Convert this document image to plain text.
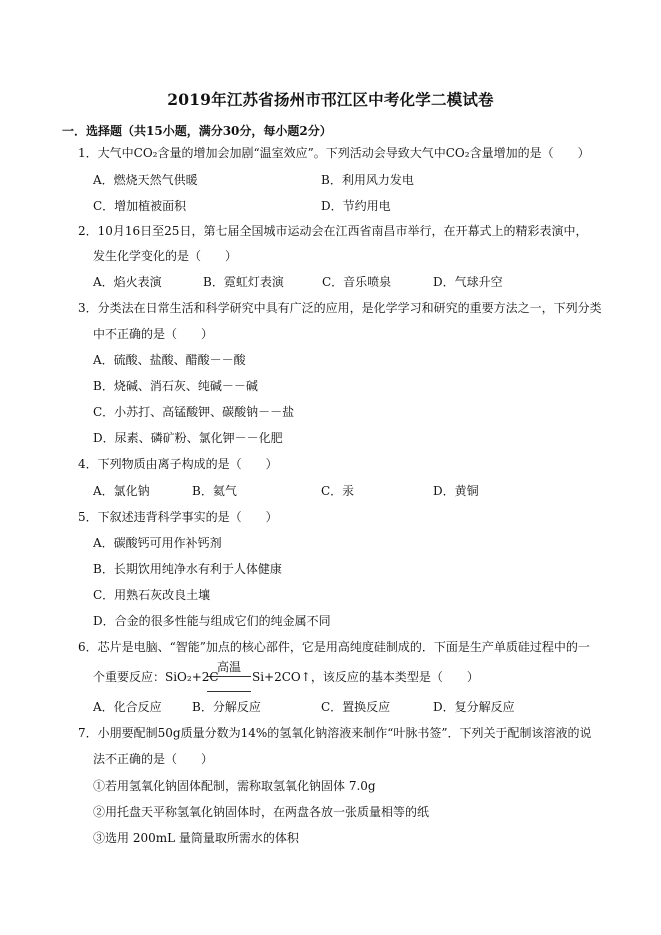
2019年江苏省扬州市邗江区中考化学二模试卷
一．选择题（共15小题，满分30分，每小题2分）
1．大气中CO₂含量的增加会加剧“温室效应”。下列活动会导致大气中CO₂含量增加的是（　　）
A．燃烧天然气供暖	B．利用风力发电
C．增加植被面积	D．节约用电
2．10月16日至25日，第七届全国城市运动会在江西省南昌市举行，在开幕式上的精彩表演中，
发生化学变化的是（　　）
A．焰火表演	B．霓虹灯表演	C．音乐喷泉	D．气球升空
3．分类法在日常生活和科学研究中具有广泛的应用，是化学学习和研究的重要方法之一，下列分类
中不正确的是（　　）
A．硫酸、盐酸、醋酸－－酸
B．烧碱、消石灰、纯碱－－碱
C．小苏打、高锰酸钾、碳酸钠－－盐
D．尿素、磷矿粉、氯化钾－－化肥
4．下列物质由离子构成的是（　　）
A．氯化钠	B．氦气	C．汞	D．黄铜
5．下叙述违背科学事实的是（　　）
A．碳酸钙可用作补钙剂
B．长期饮用纯净水有利于人体健康
C．用熟石灰改良土壤
D．合金的很多性能与组成它们的纯金属不同
6．芯片是电脑、“智能”加点的核心部件，它是用高纯度硅制成的．下面是生产单质硅过程中的一
高温
个重要反应：SiO₂+2C	Si+2CO↑，该反应的基本类型是（　　）
A．化合反应	B．分解反应	C．置换反应	D．复分解反应
7．小朋要配制50g质量分数为14%的氢氧化钠溶液来制作“叶脉书签”．下列关于配制该溶液的说
法不正确的是（　　）
①若用氢氧化钠固体配制，需称取氢氧化钠固体 7.0g
②用托盘天平称氢氧化钠固体时，在两盘各放一张质量相等的纸
③选用 200mL 量筒量取所需水的体积
